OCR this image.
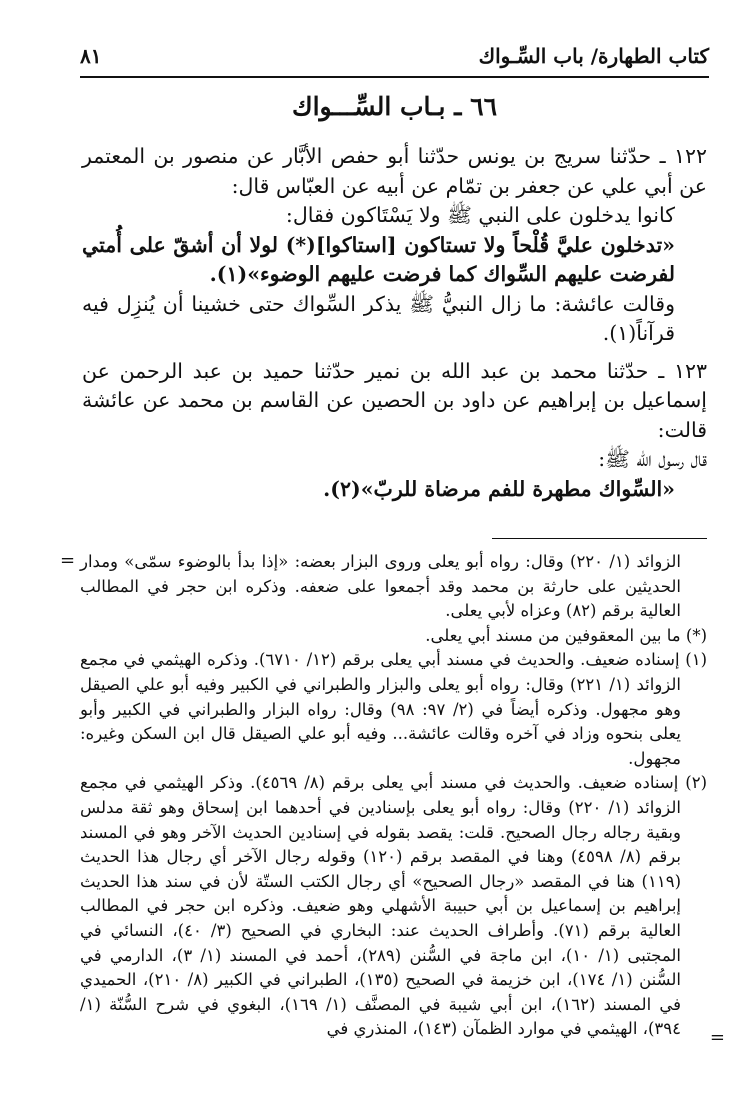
كتاب الطهارة/ باب السِّـواك
٨١
٦٦ ـ بـاب السِّـــواك

١٢٢ ـ حدّثنا سريج بن يونس حدّثنا أبو حفص الأبَّار عن منصور بن المعتمر عن أبي علي عن جعفر بن تمّام عن أبيه عن العبّاس قال:

كانوا يدخلون على النبي ﷺ ولا يَسْتَاكون فقال:

«تدخلون عليَّ قُلْحاً ولا تستاكون [استاكوا](*) لولا أن أشقّ على أُمتي لفرضت عليهم السِّواك كما فرضت عليهم الوضوء»(١).

وقالت عائشة: ما زال النبيُّ ﷺ يذكر السِّواك حتى خشينا أن يُنزِل فيه قرآناً(١).

١٢٣ ـ حدّثنا محمد بن عبد الله بن نمير حدّثنا حميد بن عبد الرحمن عن إسماعيل بن إبراهيم عن داود بن الحصين عن القاسم بن محمد عن عائشة قالت:

قال رسول الله ﷺ:

«السِّواك مطهرة للفم مرضاة للربّ»(٢).

= الزوائد (١/ ٢٢٠) وقال: رواه أبو يعلى وروى البزار بعضه: «إذا بدأ بالوضوء سمّى» ومدار الحديثين على حارثة بن محمد وقد أجمعوا على ضعفه. وذكره ابن حجر في المطالب العالية برقم (٨٢) وعزاه لأبي يعلى.

(*) ما بين المعقوفين من مسند أبي يعلى.

(١) إسناده ضعيف. والحديث في مسند أبي يعلى برقم (١٢/ ٦٧١٠). وذكره الهيثمي في مجمع الزوائد (١/ ٢٢١) وقال: رواه أبو يعلى والبزار والطبراني في الكبير وفيه أبو علي الصيقل وهو مجهول. وذكره أيضاً في (٢/ ٩٧: ٩٨) وقال: رواه البزار والطبراني في الكبير وأبو يعلى بنحوه وزاد في آخره وقالت عائشة... وفيه أبو علي الصيقل قال ابن السكن وغيره: مجهول.

(٢) إسناده ضعيف. والحديث في مسند أبي يعلى برقم (٨/ ٤٥٦٩). وذكر الهيثمي في مجمع الزوائد (١/ ٢٢٠) وقال: رواه أبو يعلى بإسنادين في أحدهما ابن إسحاق وهو ثقة مدلس وبقية رجاله رجال الصحيح. قلت: يقصد بقوله في إسنادين الحديث الآخر وهو في المسند برقم (٨/ ٤٥٩٨) وهنا في المقصد برقم (١٢٠) وقوله رجال الآخر أي رجال هذا الحديث (١١٩) هنا في المقصد «رجال الصحيح» أي رجال الكتب الستّة لأن في سند هذا الحديث إبراهيم بن إسماعيل بن أبي حبيبة الأشهلي وهو ضعيف. وذكره ابن حجر في المطالب العالية برقم (٧١). وأطراف الحديث عند: البخاري في الصحيح (٣/ ٤٠)، النسائي في المجتبى (١/ ١٠)، ابن ماجة في السُّنن (٢٨٩)، أحمد في المسند (١/ ٣)، الدارمي في السُّنن (١/ ١٧٤)، ابن خزيمة في الصحيح (١٣٥)، الطبراني في الكبير (٨/ ٢١٠)، الحميدي في المسند (١٦٢)، ابن أبي شيبة في المصنَّف (١/ ١٦٩)، البغوي في شرح السُّنّة (١/ ٣٩٤)، الهيثمي في موارد الظمآن (١٤٣)، المنذري في	=
